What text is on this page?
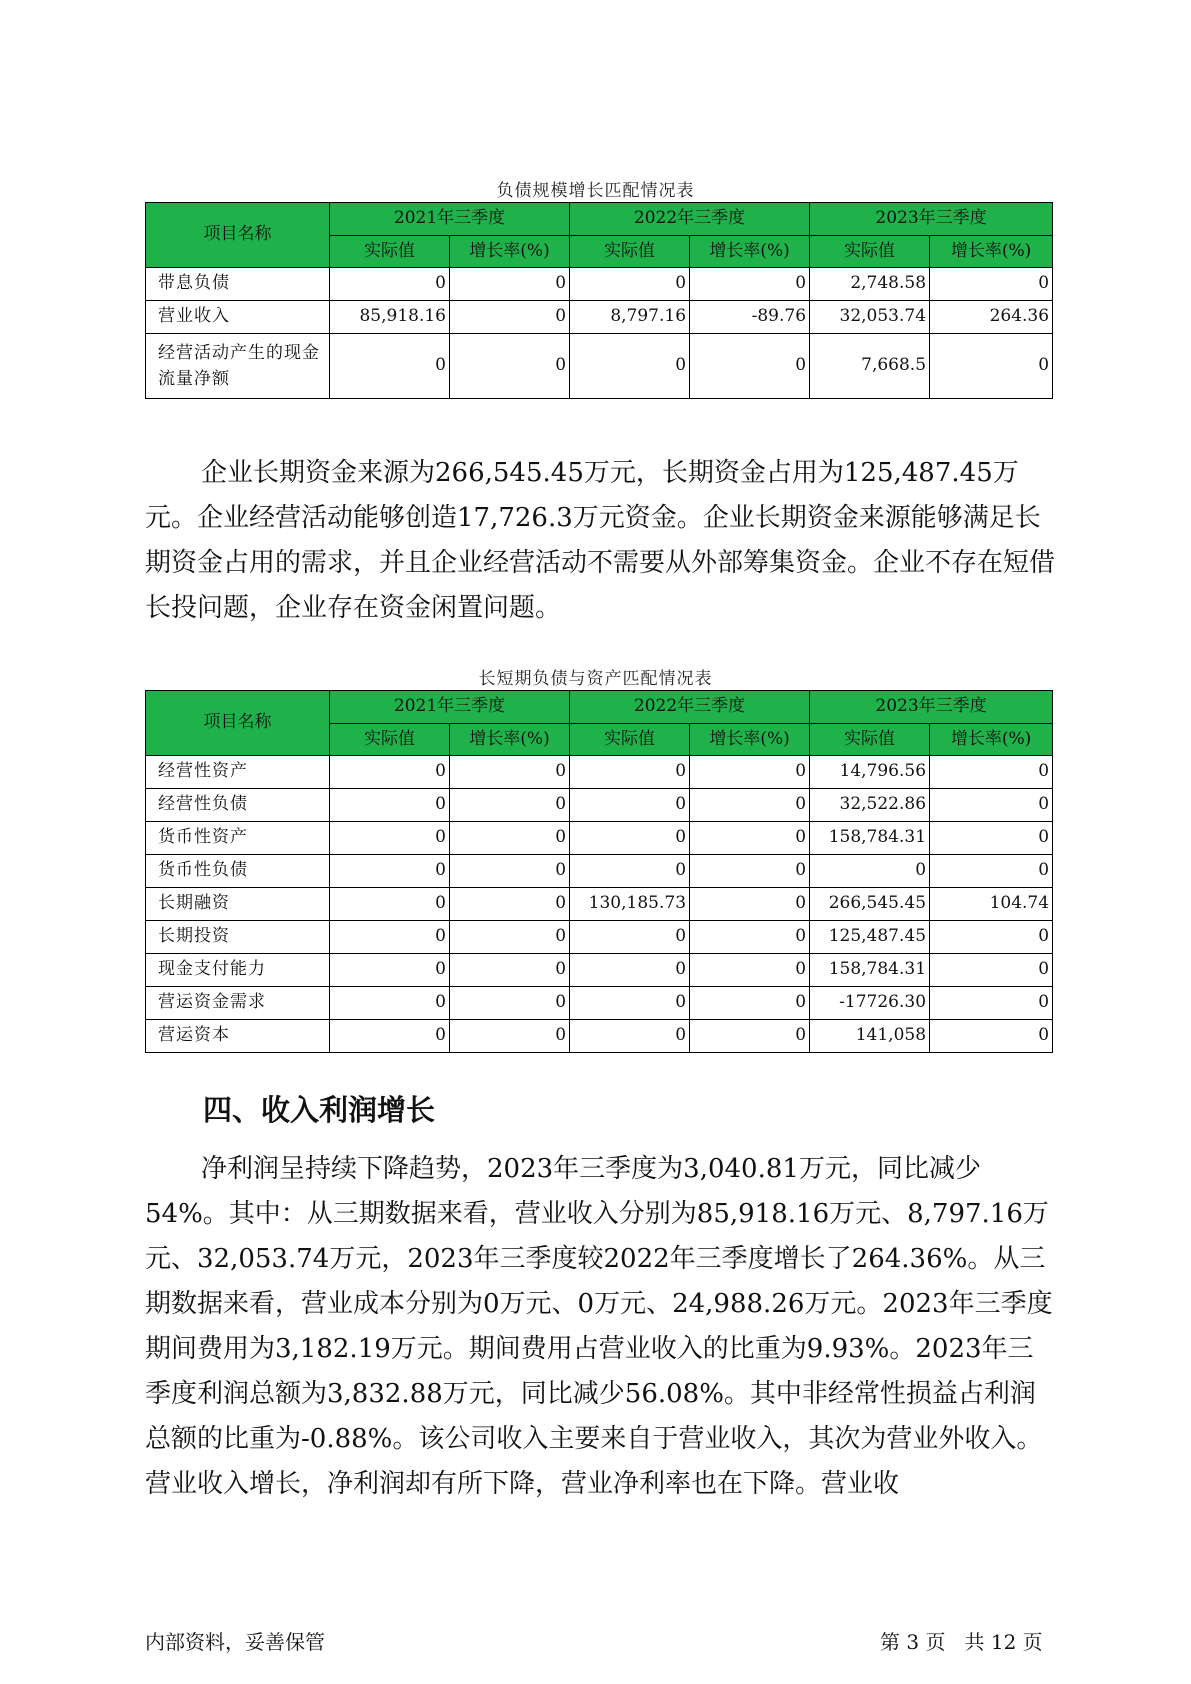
负债规模增长匹配情况表
项目名称	2021年三季度		2022年三季度		2023年三季度	
	实际值	增长率(%)	实际值	增长率(%)	实际值	增长率(%)
带息负债	0	0	0	0	2,748.58	0
营业收入	85,918.16	0	8,797.16	-89.76	32,053.74	264.36
经营活动产生的现金流量净额	0	0	0	0	7,668.5	0

企业长期资金来源为266,545.45万元，长期资金占用为125,487.45万元。企业经营活动能够创造17,726.3万元资金。企业长期资金来源能够满足长期资金占用的需求，并且企业经营活动不需要从外部筹集资金。企业不存在短借长投问题，企业存在资金闲置问题。

长短期负债与资产匹配情况表
项目名称	2021年三季度		2022年三季度		2023年三季度	
	实际值	增长率(%)	实际值	增长率(%)	实际值	增长率(%)
经营性资产	0	0	0	0	14,796.56	0
经营性负债	0	0	0	0	32,522.86	0
货币性资产	0	0	0	0	158,784.31	0
货币性负债	0	0	0	0	0	0
长期融资	0	0	130,185.73	0	266,545.45	104.74
长期投资	0	0	0	0	125,487.45	0
现金支付能力	0	0	0	0	158,784.31	0
营运资金需求	0	0	0	0	-17726.30	0
营运资本	0	0	0	0	141,058	0
四、收入利润增长

净利润呈持续下降趋势，2023年三季度为3,040.81万元，同比减少54%。其中：从三期数据来看，营业收入分别为85,918.16万元、8,797.16万元、32,053.74万元，2023年三季度较2022年三季度增长了264.36%。从三期数据来看，营业成本分别为0万元、0万元、24,988.26万元。2023年三季度期间费用为3,182.19万元。期间费用占营业收入的比重为9.93%。2023年三季度利润总额为3,832.88万元，同比减少56.08%。其中非经常性损益占利润总额的比重为-0.88%。该公司收入主要来自于营业收入，其次为营业外收入。营业收入增长，净利润却有所下降，营业净利率也在下降。营业收

内部资料，妥善保管	第 3 页   共 12 页
